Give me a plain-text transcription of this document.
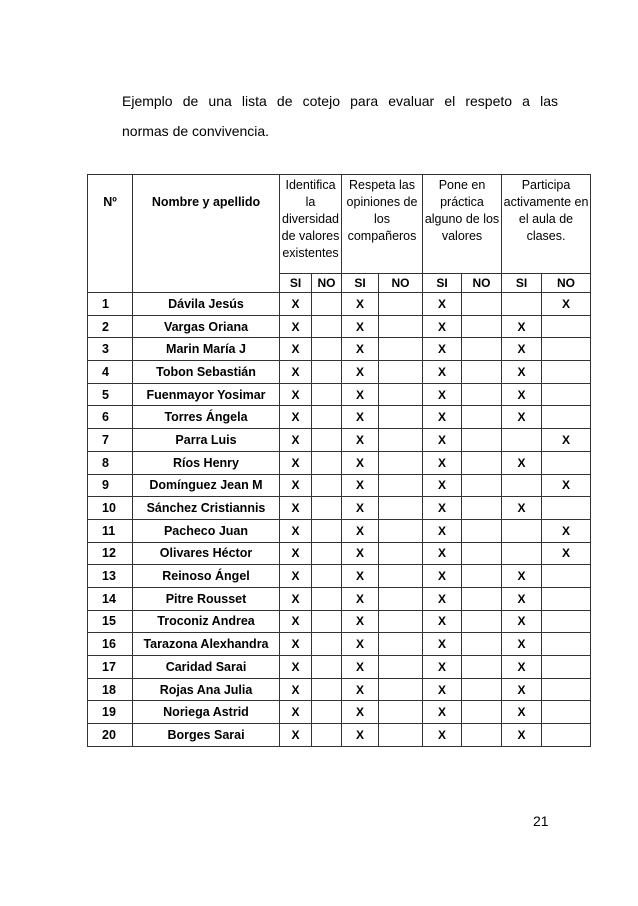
Ejemplo de una lista de cotejo para evaluar el respeto a las
normas de convivencia.
Nº	Nombre y apellido	Identifica la diversidad de valores existentes		Respeta las opiniones de los compañeros		Pone en práctica alguno de los valores		Participa activamente en el aula de clases.	
		SI	NO	SI	NO	SI	NO	SI	NO
1	Dávila Jesús	X		X		X			X
2	Vargas Oriana	X		X		X		X	
3	Marin María J	X		X		X		X	
4	Tobon Sebastián	X		X		X		X	
5	Fuenmayor Yosimar	X		X		X		X	
6	Torres Ángela	X		X		X		X	
7	Parra Luis	X		X		X			X
8	Ríos Henry	X		X		X		X	
9	Domínguez Jean M	X		X		X			X
10	Sánchez Cristiannis	X		X		X		X	
11	Pacheco Juan	X		X		X			X
12	Olivares Héctor	X		X		X			X
13	Reinoso Ángel	X		X		X		X	
14	Pitre Rousset	X		X		X		X	
15	Troconiz Andrea	X		X		X		X	
16	Tarazona Alexhandra	X		X		X		X	
17	Caridad Sarai	X		X		X		X	
18	Rojas Ana Julia	X		X		X		X	
19	Noriega Astrid	X		X		X		X	
20	Borges Sarai	X		X		X		X	
21
